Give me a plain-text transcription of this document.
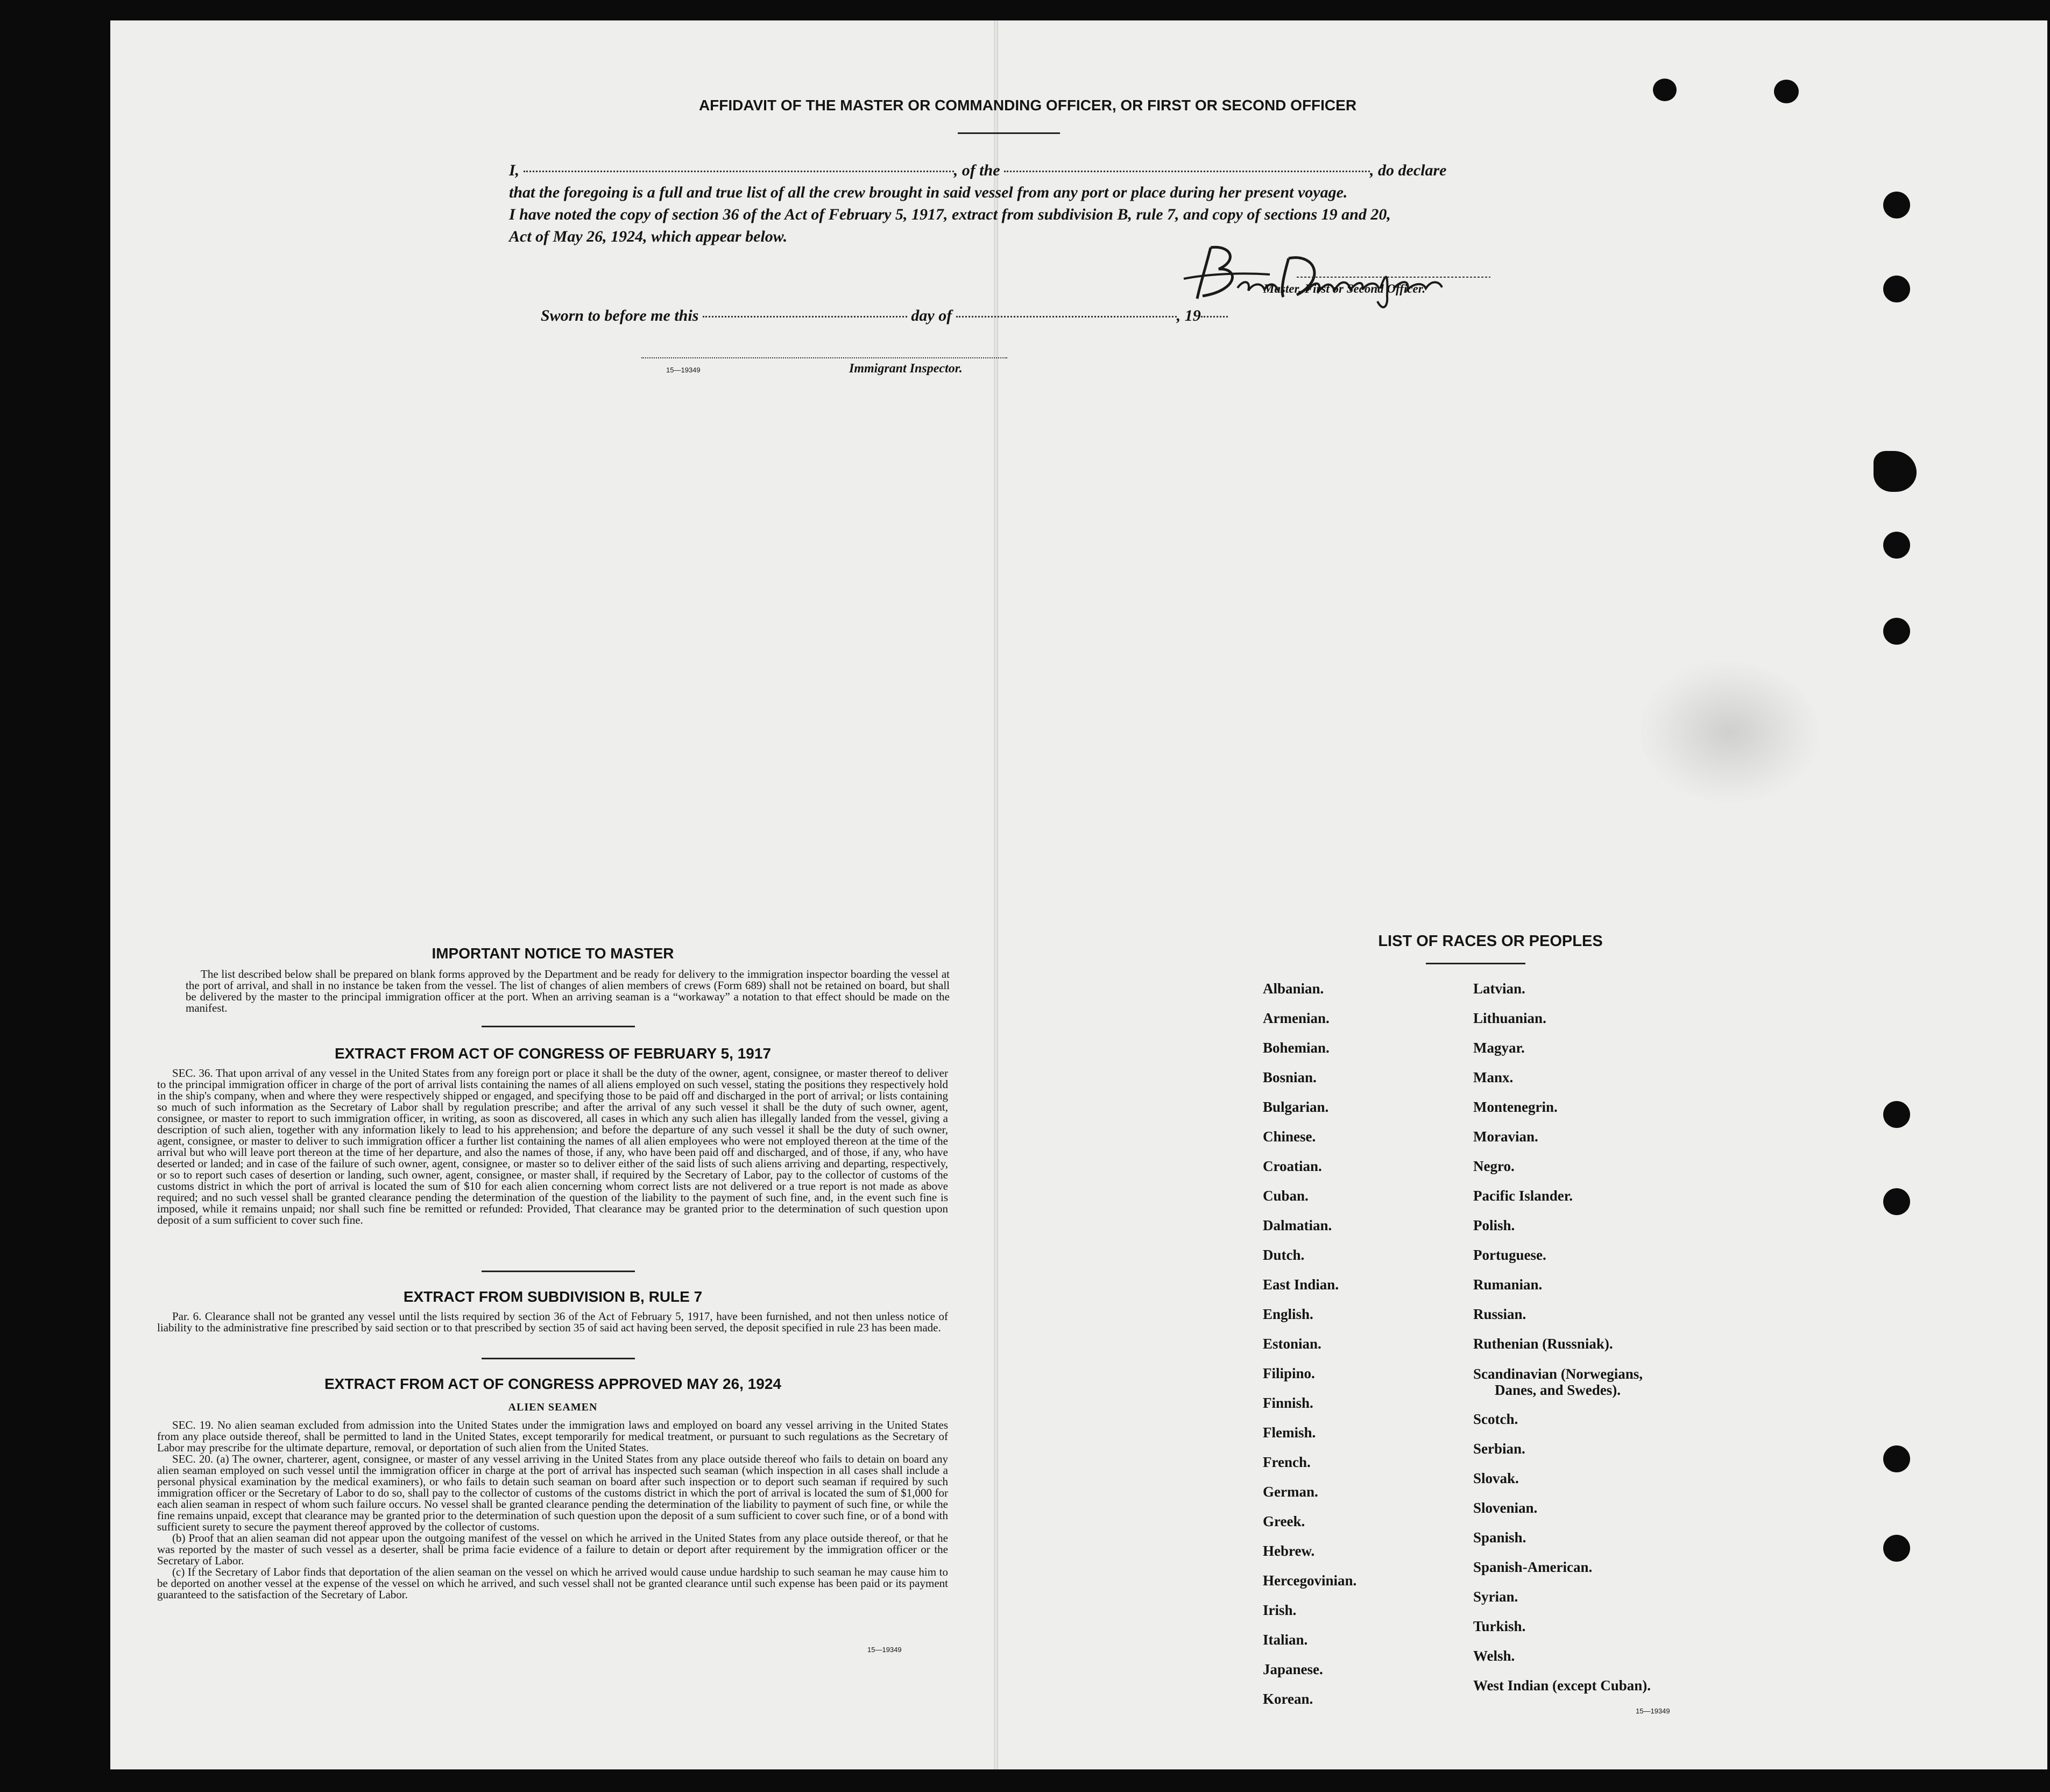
AFFIDAVIT OF THE MASTER OR COMMANDING OFFICER, OR FIRST OR SECOND OFFICER
I,	, of the	, do declare
that the foregoing is a full and true list of all the crew brought in said vessel from any port or place during her present voyage.
I have noted the copy of section 36 of the Act of February 5, 1917, extract from subdivision B, rule 7, and copy of sections 19 and 20,
Act of May 26, 1924, which appear below.
Master, First or Second Officer.
Sworn to before me this	day of	, 19
15—19349	Immigrant Inspector.
IMPORTANT NOTICE TO MASTER

The list described below shall be prepared on blank forms approved by the Department and be ready for delivery to the immigration inspector boarding the vessel at the port of arrival, and shall in no instance be taken from the vessel. The list of changes of alien members of crews (Form 689) shall not be retained on board, but shall be delivered by the master to the principal immigration officer at the port. When an arriving seaman is a “workaway” a notation to that effect should be made on the manifest.

EXTRACT FROM ACT OF CONGRESS OF FEBRUARY 5, 1917

SEC. 36. That upon arrival of any vessel in the United States from any foreign port or place it shall be the duty of the owner, agent, consignee, or master thereof to deliver to the principal immigration officer in charge of the port of arrival lists containing the names of all aliens employed on such vessel, stating the positions they respectively hold in the ship's company, when and where they were respectively shipped or engaged, and specifying those to be paid off and discharged in the port of arrival; or lists containing so much of such information as the Secretary of Labor shall by regulation prescribe; and after the arrival of any such vessel it shall be the duty of such owner, agent, consignee, or master to report to such immigration officer, in writing, as soon as discovered, all cases in which any such alien has illegally landed from the vessel, giving a description of such alien, together with any information likely to lead to his apprehension; and before the departure of any such vessel it shall be the duty of such owner, agent, consignee, or master to deliver to such immigration officer a further list containing the names of all alien employees who were not employed thereon at the time of the arrival but who will leave port thereon at the time of her departure, and also the names of those, if any, who have been paid off and discharged, and of those, if any, who have deserted or landed; and in case of the failure of such owner, agent, consignee, or master so to deliver either of the said lists of such aliens arriving and departing, respectively, or so to report such cases of desertion or landing, such owner, agent, consignee, or master shall, if required by the Secretary of Labor, pay to the collector of customs of the customs district in which the port of arrival is located the sum of $10 for each alien concerning whom correct lists are not delivered or a true report is not made as above required; and no such vessel shall be granted clearance pending the determination of the question of the liability to the payment of such fine, and, in the event such fine is imposed, while it remains unpaid; nor shall such fine be remitted or refunded: Provided, That clearance may be granted prior to the determination of such question upon deposit of a sum sufficient to cover such fine.

EXTRACT FROM SUBDIVISION B, RULE 7

Par. 6. Clearance shall not be granted any vessel until the lists required by section 36 of the Act of February 5, 1917, have been furnished, and not then unless notice of liability to the administrative fine prescribed by said section or to that prescribed by section 35 of said act having been served, the deposit specified in rule 23 has been made.

EXTRACT FROM ACT OF CONGRESS APPROVED MAY 26, 1924
ALIEN SEAMEN

SEC. 19. No alien seaman excluded from admission into the United States under the immigration laws and employed on board any vessel arriving in the United States from any place outside thereof, shall be permitted to land in the United States, except temporarily for medical treatment, or pursuant to such regulations as the Secretary of Labor may prescribe for the ultimate departure, removal, or deportation of such alien from the United States.

SEC. 20. (a) The owner, charterer, agent, consignee, or master of any vessel arriving in the United States from any place outside thereof who fails to detain on board any alien seaman employed on such vessel until the immigration officer in charge at the port of arrival has inspected such seaman (which inspection in all cases shall include a personal physical examination by the medical examiners), or who fails to detain such seaman on board after such inspection or to deport such seaman if required by such immigration officer or the Secretary of Labor to do so, shall pay to the collector of customs of the customs district in which the port of arrival is located the sum of $1,000 for each alien seaman in respect of whom such failure occurs. No vessel shall be granted clearance pending the determination of the liability to payment of such fine, or while the fine remains unpaid, except that clearance may be granted prior to the determination of such question upon the deposit of a sum sufficient to cover such fine, or of a bond with sufficient surety to secure the payment thereof approved by the collector of customs.

(b) Proof that an alien seaman did not appear upon the outgoing manifest of the vessel on which he arrived in the United States from any place outside thereof, or that he was reported by the master of such vessel as a deserter, shall be prima facie evidence of a failure to detain or deport after requirement by the immigration officer or the Secretary of Labor.

(c) If the Secretary of Labor finds that deportation of the alien seaman on the vessel on which he arrived would cause undue hardship to such seaman he may cause him to be deported on another vessel at the expense of the vessel on which he arrived, and such vessel shall not be granted clearance until such expense has been paid or its payment guaranteed to the satisfaction of the Secretary of Labor.

15—19349
LIST OF RACES OR PEOPLES
Albanian.
Armenian.
Bohemian.
Bosnian.
Bulgarian.
Chinese.
Croatian.
Cuban.
Dalmatian.
Dutch.
East Indian.
English.
Estonian.
Filipino.
Finnish.
Flemish.
French.
German.
Greek.
Hebrew.
Hercegovinian.
Irish.
Italian.
Japanese.
Korean.
Latvian.
Lithuanian.
Magyar.
Manx.
Montenegrin.
Moravian.
Negro.
Pacific Islander.
Polish.
Portuguese.
Rumanian.
Russian.
Ruthenian (Russniak).
Scandinavian (Norwegians,
Danes, and Swedes).
Scotch.
Serbian.
Slovak.
Slovenian.
Spanish.
Spanish-American.
Syrian.
Turkish.
Welsh.
West Indian (except Cuban).
15—19349
